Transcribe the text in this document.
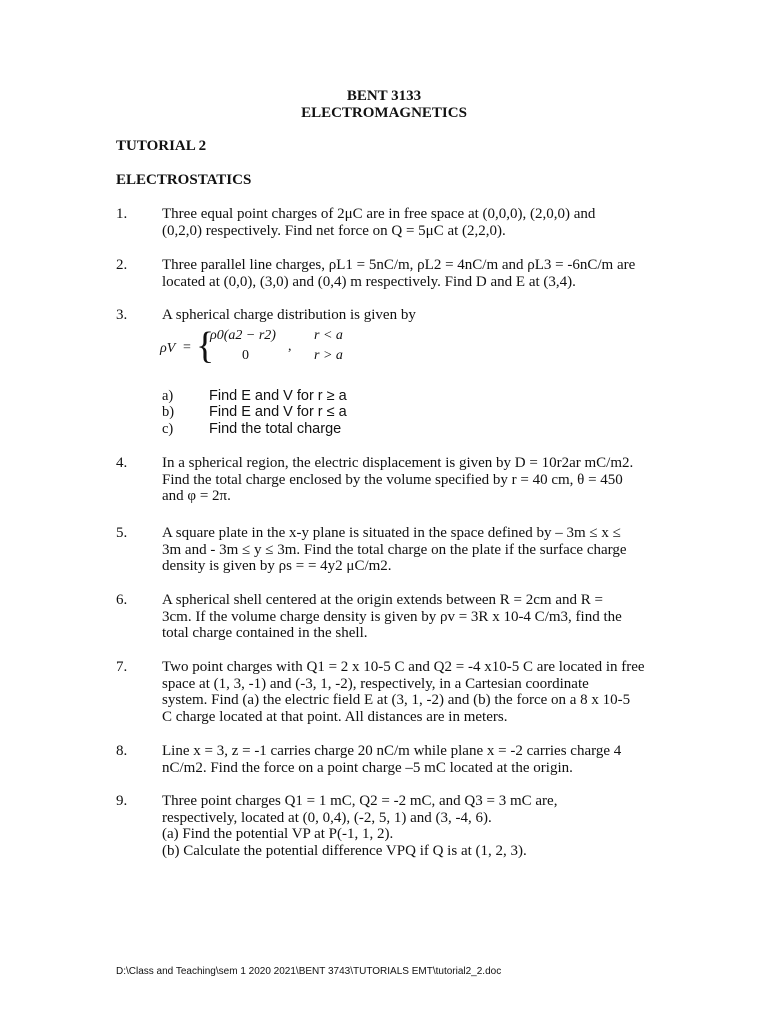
BENT 3133
ELECTROMAGNETICS
TUTORIAL 2
ELECTROSTATICS
1. Three equal point charges of 2μC are in free space at (0,0,0), (2,0,0) and
(0,2,0) respectively. Find net force on Q = 5μC at (2,2,0).
2. Three parallel line charges, ρL1 = 5nC/m, ρL2 = 4nC/m and ρL3 = -6nC/m are
located at (0,0), (3,0) and (0,4) m respectively. Find D and E at (3,4).
3. A spherical charge distribution is given by
ρV = {
ρ0(a2 − r2)
,
0
r < a
r > a
a) Find E and V for r ≥ a
b) Find E and V for r ≤ a
c) Find the total charge
4. In a spherical region, the electric displacement is given by D = 10r2ar mC/m2.
Find the total charge enclosed by the volume specified by r = 40 cm, θ = 450
and φ = 2π.
5. A square plate in the x-y plane is situated in the space defined by – 3m ≤ x ≤
3m and - 3m ≤ y ≤ 3m. Find the total charge on the plate if the surface charge
density is given by ρs = = 4y2 μC/m2.
6. A spherical shell centered at the origin extends between R = 2cm and R =
3cm. If the volume charge density is given by ρv = 3R x 10-4 C/m3, find the
total charge contained in the shell.
7. Two point charges with Q1 = 2 x 10-5 C and Q2 = -4 x10-5 C are located in free
space at (1, 3, -1) and (-3, 1, -2), respectively, in a Cartesian coordinate
system. Find (a) the electric field E at (3, 1, -2) and (b) the force on a 8 x 10-5
C charge located at that point. All distances are in meters.
8. Line x = 3, z = -1 carries charge 20 nC/m while plane x = -2 carries charge 4
nC/m2. Find the force on a point charge –5 mC located at the origin.
9. Three point charges Q1 = 1 mC, Q2 = -2 mC, and Q3 = 3 mC are,
respectively, located at (0, 0,4), (-2, 5, 1) and (3, -4, 6).
(a) Find the potential VP at P(-1, 1, 2).
(b) Calculate the potential difference VPQ if Q is at (1, 2, 3).
D:\Class and Teaching\sem 1 2020 2021\BENT 3743\TUTORIALS EMT\tutorial2_2.doc
